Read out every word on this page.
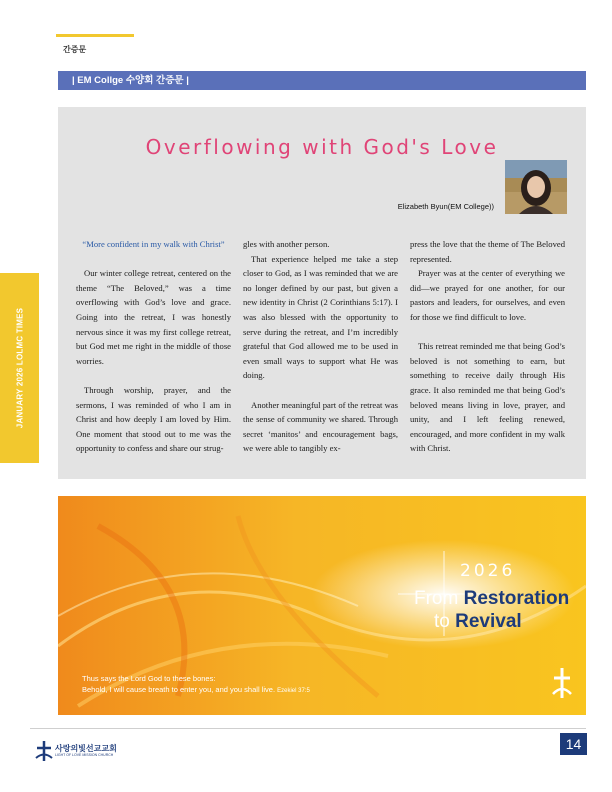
간증문
JANUARY 2026 LOLMC TIMES
| EM Collge 수양회 간증문 |
Overflowing with God's Love
Elizabeth Byun(EM College))

“More confident in my walk with Christ”

Our winter college retreat, centered on the theme “The Beloved,” was a time overflowing with God’s love and grace. Going into the retreat, I was honestly nervous since it was my first college retreat, but God met me right in the middle of those worries.

Through worship, prayer, and the sermons, I was reminded of who I am in Christ and how deeply I am loved by Him. One moment that stood out to me was the opportunity to confess and share our strug-

gles with another person.

That experience helped me take a step closer to God, as I was reminded that we are no longer defined by our past, but given a new identity in Christ (2 Corinthians 5:17). I was also blessed with the opportunity to serve during the retreat, and I’m incredibly grateful that God allowed me to be used in even small ways to support what He was doing.

Another meaningful part of the retreat was the sense of community we shared. Through secret ‘manitos’ and encouragement bags, we were able to tangibly ex-

press the love that the theme of The Beloved represented.

Prayer was at the center of everything we did—we prayed for one another, for our pastors and leaders, for ourselves, and even for those we find difficult to love.

This retreat reminded me that being God’s beloved is not something to earn, but something to receive daily through His grace. It also reminded me that being God’s beloved means living in love, prayer, and unity, and I left feeling renewed, encouraged, and more confident in my walk with Christ.

2026
From Restoration
to Revival
Thus says the Lord God to these bones:
Behold, I will cause breath to enter you, and you shall live. Ezekiel 37:5
사랑의빛선교교회
LIGHT OF LOVE MISSION CHURCH
14
